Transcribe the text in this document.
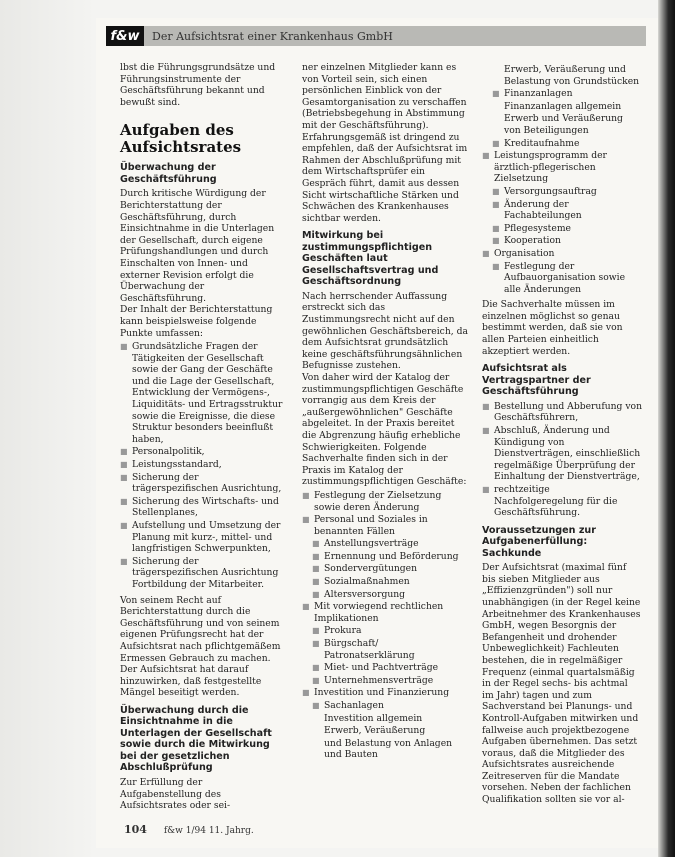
f&w	Der Aufsichtsrat einer Krankenhaus GmbH

lbst die Führungsgrundsätze und Führungsinstrumente der Geschäftsführung bekannt und bewußt sind.

Aufgaben des Aufsichtsrates
Überwachung der Geschäftsführung

Durch kritische Würdigung der Berichterstattung der Geschäftsführung, durch Einsichtnahme in die Unterlagen der Gesellschaft, durch eigene Prüfungshandlungen und durch Einschalten von Innen- und externer Revision erfolgt die Überwachung der Geschäftsführung.

Der Inhalt der Berichterstattung kann beispielsweise folgende Punkte umfassen:

■ Grundsätzliche Fragen der Tätigkeiten der Gesellschaft sowie der Gang der Geschäfte und die Lage der Gesellschaft, Entwicklung der Vermögens-, Liquiditäts- und Ertragsstruktur sowie die Ereignisse, die diese Struktur besonders beeinflußt haben,
■ Personalpolitik,
■ Leistungsstandard,
■ Sicherung der trägerspezifischen Ausrichtung,
■ Sicherung des Wirtschafts- und Stellenplanes,
■ Aufstellung und Umsetzung der Planung mit kurz-, mittel- und langfristigen Schwerpunkten,
■ Sicherung der trägerspezifischen Ausrichtung Fortbildung der Mitarbeiter.

Von seinem Recht auf Berichterstattung durch die Geschäftsführung und von seinem eigenen Prüfungsrecht hat der Aufsichtsrat nach pflichtgemäßem Ermessen Gebrauch zu machen. Der Aufsichtsrat hat darauf hinzuwirken, daß festgestellte Mängel beseitigt werden.

Überwachung durch die Einsichtnahme in die Unterlagen der Gesellschaft sowie durch die Mitwirkung bei der gesetzlichen Abschlußprüfung

Zur Erfüllung der Aufgabenstellung des Aufsichtsrates oder sei-

ner einzelnen Mitglieder kann es von Vorteil sein, sich einen persönlichen Einblick von der Gesamtorganisation zu verschaffen (Betriebsbegehung in Abstimmung mit der Geschäftsführung).

Erfahrungsgemäß ist dringend zu empfehlen, daß der Aufsichtsrat im Rahmen der Abschlußprüfung mit dem Wirtschaftsprüfer ein Gespräch führt, damit aus dessen Sicht wirtschaftliche Stärken und Schwächen des Krankenhauses sichtbar werden.

Mitwirkung bei zustimmungspflichtigen Geschäften laut Gesellschaftsvertrag und Geschäftsordnung

Nach herrschender Auffassung erstreckt sich das Zustimmungsrecht nicht auf den gewöhnlichen Geschäftsbereich, da dem Aufsichtsrat grundsätzlich keine geschäftsführungsähnlichen Befugnisse zustehen.

Von daher wird der Katalog der zustimmungspflichtigen Geschäfte vorrangig aus dem Kreis der „außergewöhnlichen" Geschäfte abgeleitet. In der Praxis bereitet die Abgrenzung häufig erhebliche Schwierigkeiten. Folgende Sachverhalte finden sich in der Praxis im Katalog der zustimmungspflichtigen Geschäfte:

■ Festlegung der Zielsetzung sowie deren Änderung
■ Personal und Soziales in benannten Fällen
■ Anstellungsverträge
■ Ernennung und Beförderung
■ Sondervergütungen
■ Sozialmaßnahmen
■ Altersversorgung
■ Mit vorwiegend rechtlichen Implikationen
■ Prokura
■ Bürgschaft/ Patronatserklärung
■ Miet- und Pachtverträge
■ Unternehmensverträge
■ Investition und Finanzierung
■ Sachanlagen
Investition allgemein
Erwerb, Veräußerung
und Belastung von Anlagen und Bauten
Erwerb, Veräußerung und Belastung von Grundstücken
■ Finanzanlagen
Finanzanlagen allgemein
Erwerb und Veräußerung von Beteiligungen
■ Kreditaufnahme
■ Leistungsprogramm der ärztlich-pflegerischen Zielsetzung
■ Versorgungsauftrag
■ Änderung der Fachabteilungen
■ Pflegesysteme
■ Kooperation
■ Organisation
■ Festlegung der Aufbauorganisation sowie alle Änderungen

Die Sachverhalte müssen im einzelnen möglichst so genau bestimmt werden, daß sie von allen Parteien einheitlich akzeptiert werden.

Aufsichtsrat als Vertragspartner der Geschäftsführung
■ Bestellung und Abberufung von Geschäftsführern,
■ Abschluß, Änderung und Kündigung von Dienstverträgen, einschließlich regelmäßige Überprüfung der Einhaltung der Dienstverträge,
■ rechtzeitige Nachfolgeregelung für die Geschäftsführung.
Voraussetzungen zur Aufgabenerfüllung: Sachkunde

Der Aufsichtsrat (maximal fünf bis sieben Mitglieder aus „Effizienzgründen") soll nur unabhängigen (in der Regel keine Arbeitnehmer des Krankenhauses GmbH, wegen Besorgnis der Befangenheit und drohender Unbeweglichkeit) Fachleuten bestehen, die in regelmäßiger Frequenz (einmal quartalsmäßig in der Regel sechs- bis achtmal im Jahr) tagen und zum Sachverstand bei Planungs- und Kontroll-Aufgaben mitwirken und fallweise auch projektbezogene Aufgaben übernehmen. Das setzt voraus, daß die Mitglieder des Aufsichtsrates ausreichende Zeitreserven für die Mandate vorsehen. Neben der fachlichen Qualifikation sollten sie vor al-

104 f&w 1/94 11. Jahrg.
